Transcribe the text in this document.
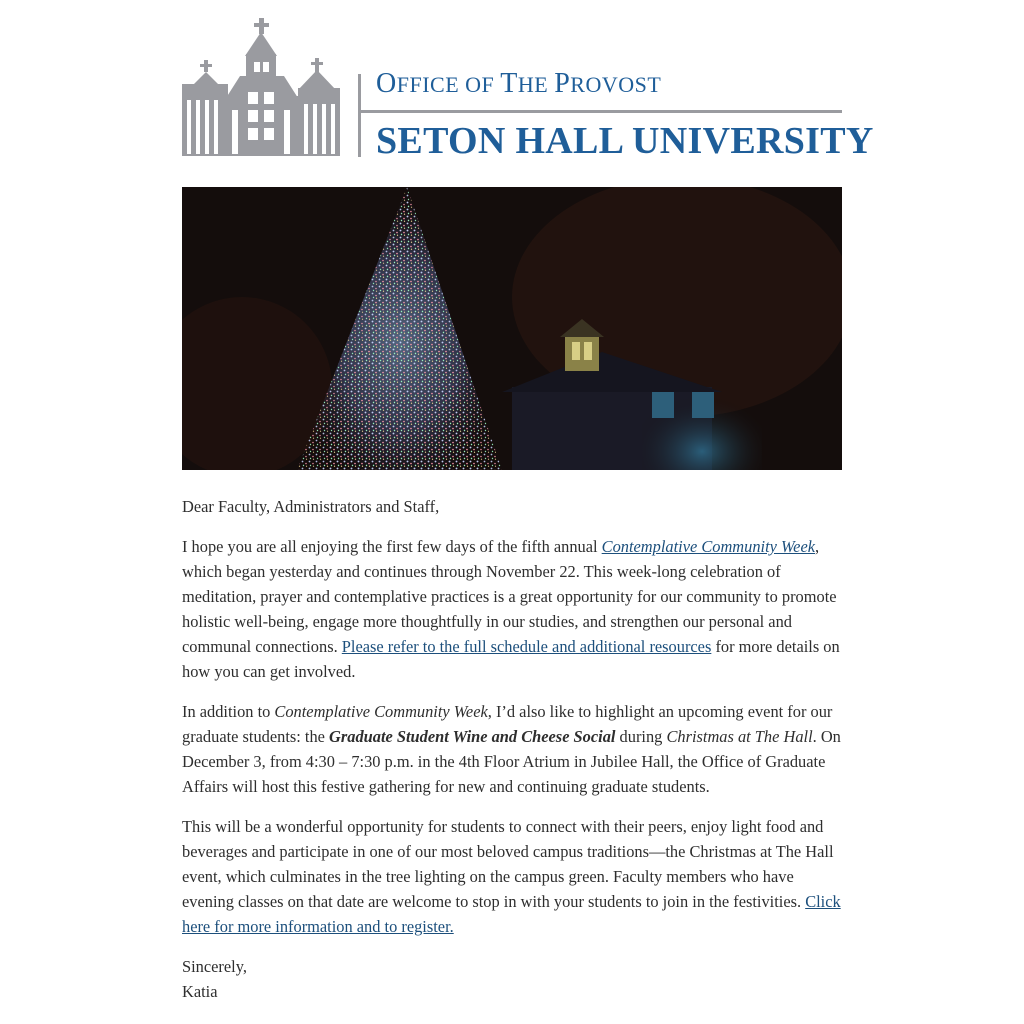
OFFICE OF THE PROVOST
SETON HALL UNIVERSITY

Dear Faculty, Administrators and Staff,

I hope you are all enjoying the first few days of the fifth annual Contemplative Community Week, which began yesterday and continues through November 22. This week-long celebration of meditation, prayer and contemplative practices is a great opportunity for our community to promote holistic well-being, engage more thoughtfully in our studies, and strengthen our personal and communal connections. Please refer to the full schedule and additional resources for more details on how you can get involved.

In addition to Contemplative Community Week, I’d also like to highlight an upcoming event for our graduate students: the Graduate Student Wine and Cheese Social during Christmas at The Hall. On December 3, from 4:30 – 7:30 p.m. in the 4th Floor Atrium in Jubilee Hall, the Office of Graduate Affairs will host this festive gathering for new and continuing graduate students.

This will be a wonderful opportunity for students to connect with their peers, enjoy light food and beverages and participate in one of our most beloved campus traditions—the Christmas at The Hall event, which culminates in the tree lighting on the campus green. Faculty members who have evening classes on that date are welcome to stop in with your students to join in the festivities. Click here for more information and to register.

Sincerely,

Katia
